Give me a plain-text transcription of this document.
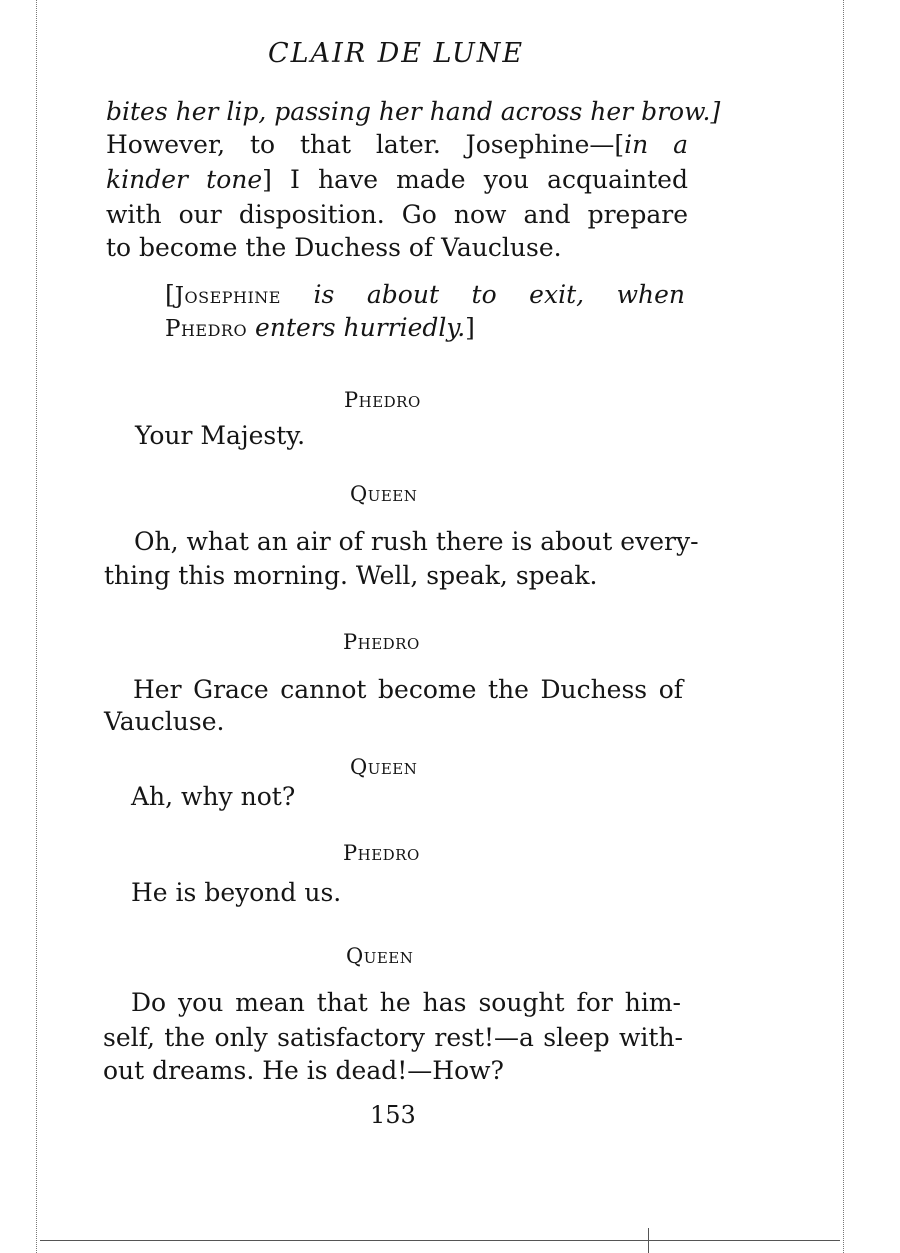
CLAIR DE LUNE
bites her lip, passing her hand across her brow.]
However, to that later. Josephine—[in a
kinder tone] I have made you acquainted
with our disposition. Go now and prepare
to become the Duchess of Vaucluse.
[Josephine is about to exit, when
Phedro enters hurriedly.]
Phedro
Your Majesty.
Queen
Oh, what an air of rush there is about every-
thing this morning. Well, speak, speak.
Phedro
Her Grace cannot become the Duchess of
Vaucluse.
Queen
Ah, why not?
Phedro
He is beyond us.
Queen
Do you mean that he has sought for him-
self, the only satisfactory rest!—a sleep with-
out dreams. He is dead!—How?
153
